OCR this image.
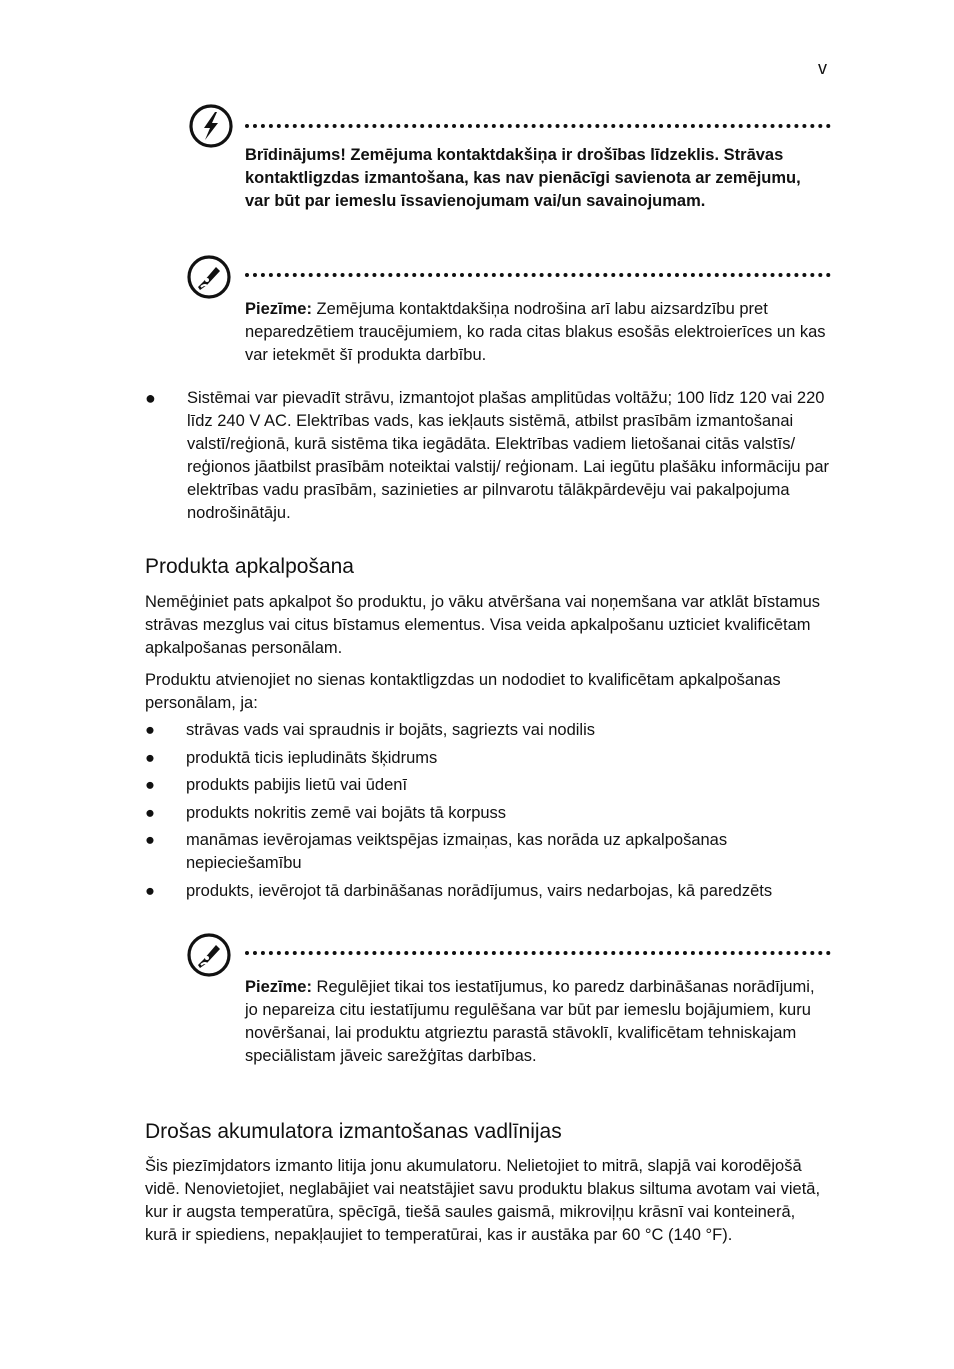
v
Brīdinājums! Zemējuma kontaktdakšiņa ir drošības līdzeklis. Strāvas kontaktligzdas izmantošana, kas nav pienācīgi savienota ar zemējumu, var būt par iemeslu īssavienojumam vai/un savainojumam.
Piezīme: Zemējuma kontaktdakšiņa nodrošina arī labu aizsardzību pret neparedzētiem traucējumiem, ko rada citas blakus esošās elektroierīces un kas var ietekmēt šī produkta darbību.
● Sistēmai var pievadīt strāvu, izmantojot plašas amplitūdas voltāžu; 100 līdz 120 vai 220 līdz 240 V AC. Elektrības vads, kas iekļauts sistēmā, atbilst prasībām izmantošanai valstī/reģionā, kurā sistēma tika iegādāta. Elektrības vadiem lietošanai citās valstīs/ reģionos jāatbilst prasībām noteiktai valstij/ reģionam. Lai iegūtu plašāku informāciju par elektrības vadu prasībām, sazinieties ar pilnvarotu tālākpārdevēju vai pakalpojuma nodrošinātāju.
Produkta apkalpošana
Nemēģiniet pats apkalpot šo produktu, jo vāku atvēršana vai noņemšana var atklāt bīstamus strāvas mezglus vai citus bīstamus elementus. Visa veida apkalpošanu uzticiet kvalificētam apkalpošanas personālam.
Produktu atvienojiet no sienas kontaktligzdas un nododiet to kvalificētam apkalpošanas personālam, ja:
● strāvas vads vai spraudnis ir bojāts, sagriezts vai nodilis
● produktā ticis iepludināts šķidrums
● produkts pabijis lietū vai ūdenī
● produkts nokritis zemē vai bojāts tā korpuss
● manāmas ievērojamas veiktspējas izmaiņas, kas norāda uz apkalpošanas nepieciešamību
● produkts, ievērojot tā darbināšanas norādījumus, vairs nedarbojas, kā paredzēts
Piezīme: Regulējiet tikai tos iestatījumus, ko paredz darbināšanas norādījumi, jo nepareiza citu iestatījumu regulēšana var būt par iemeslu bojājumiem, kuru novēršanai, lai produktu atgrieztu parastā stāvoklī, kvalificētam tehniskajam speciālistam jāveic sarežģītas darbības.
Drošas akumulatora izmantošanas vadlīnijas
Šis piezīmjdators izmanto litija jonu akumulatoru. Nelietojiet to mitrā, slapjā vai korodējošā vidē. Nenovietojiet, neglabājiet vai neatstājiet savu produktu blakus siltuma avotam vai vietā, kur ir augsta temperatūra, spēcīgā, tiešā saules gaismā, mikroviļņu krāsnī vai konteinerā, kurā ir spiediens, nepakļaujiet to temperatūrai, kas ir austāka par 60 °C (140 °F).
